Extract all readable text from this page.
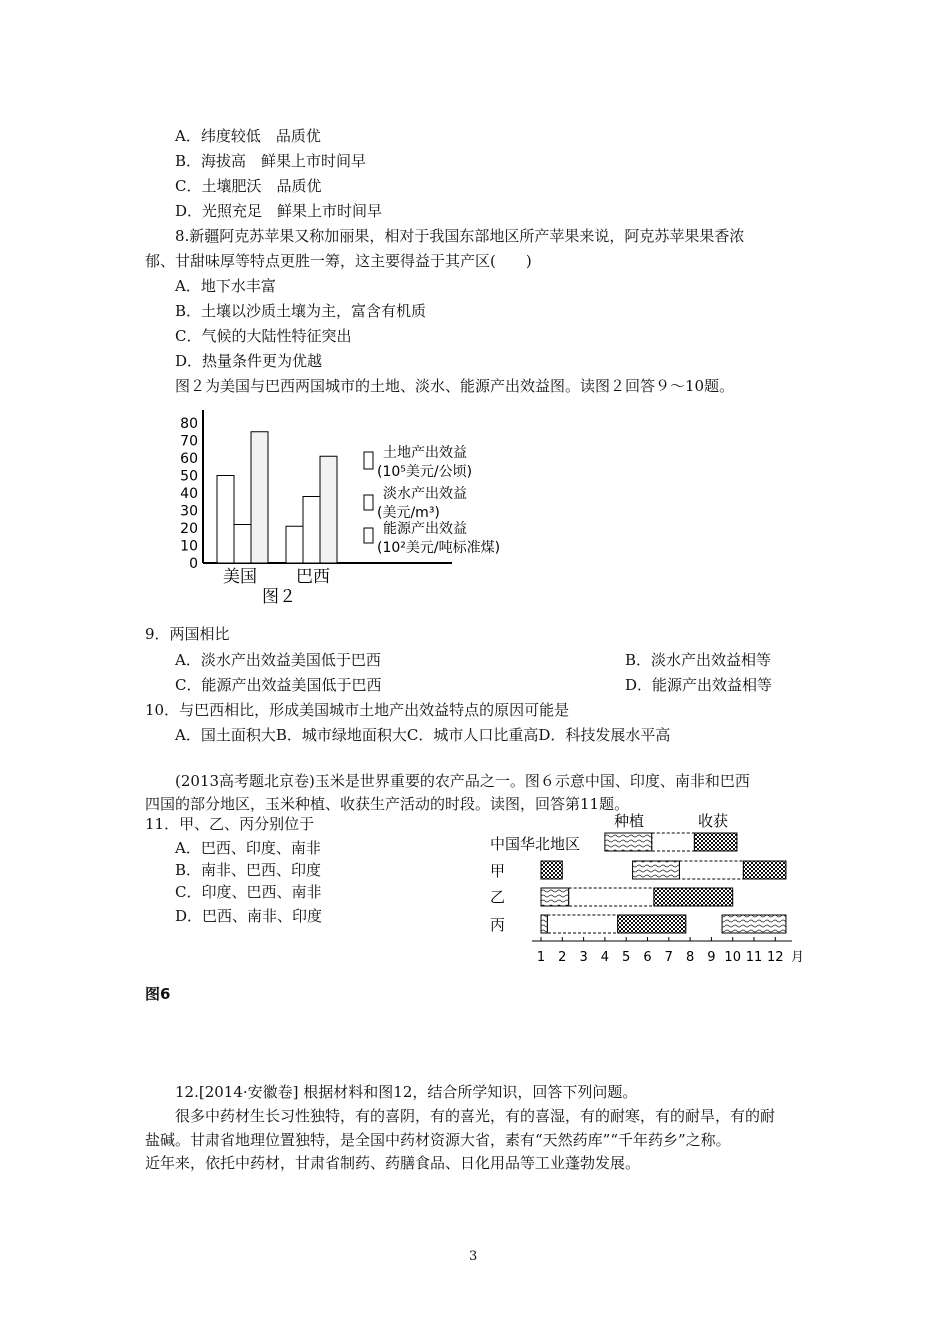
A．纬度较低　品质优
B．海拔高　鲜果上市时间早
C．土壤肥沃　品质优
D．光照充足　鲜果上市时间早
8.新疆阿克苏苹果又称加丽果，相对于我国东部地区所产苹果来说，阿克苏苹果果香浓
郁、甘甜味厚等特点更胜一筹，这主要得益于其产区(　　)
A．地下水丰富
B．土壤以沙质土壤为主，富含有机质
C．气候的大陆性特征突出
D．热量条件更为优越
图２为美国与巴西两国城市的土地、淡水、能源产出效益图。读图２回答９～10题。
0
10
20
30
40
50
60
70
80
美国 巴西
图２
土地产出效益
(10⁵美元/公顷)
淡水产出效益
(美元/m³)
能源产出效益
(10²美元/吨标准煤)
9．两国相比
A．淡水产出效益美国低于巴西	B．淡水产出效益相等
C．能源产出效益美国低于巴西	D．能源产出效益相等
10．与巴西相比，形成美国城市土地产出效益特点的原因可能是
A．国土面积大B．城市绿地面积大C．城市人口比重高D．科技发展水平高
(2013高考题北京卷)玉米是世界重要的农产品之一。图６示意中国、印度、南非和巴西
四国的部分地区，玉米种植、收获生产活动的时段。读图，回答第11题。
11．甲、乙、丙分别位于
A．巴西、印度、南非
B．南非、巴西、印度
C．印度、巴西、南非
D．巴西、南非、印度
种植	收获
中国华北地区
甲
乙
丙
1 2 3 4 5 6 7 8 9 10 11 12 月
图6
12.[2014·安徽卷] 根据材料和图12，结合所学知识，回答下列问题。
很多中药材生长习性独特，有的喜阴，有的喜光，有的喜湿，有的耐寒，有的耐旱，有的耐
盐碱。甘肃省地理位置独特，是全国中药材资源大省，素有“天然药库”“千年药乡”之称。
近年来，依托中药材，甘肃省制药、药膳食品、日化用品等工业蓬勃发展。
3
